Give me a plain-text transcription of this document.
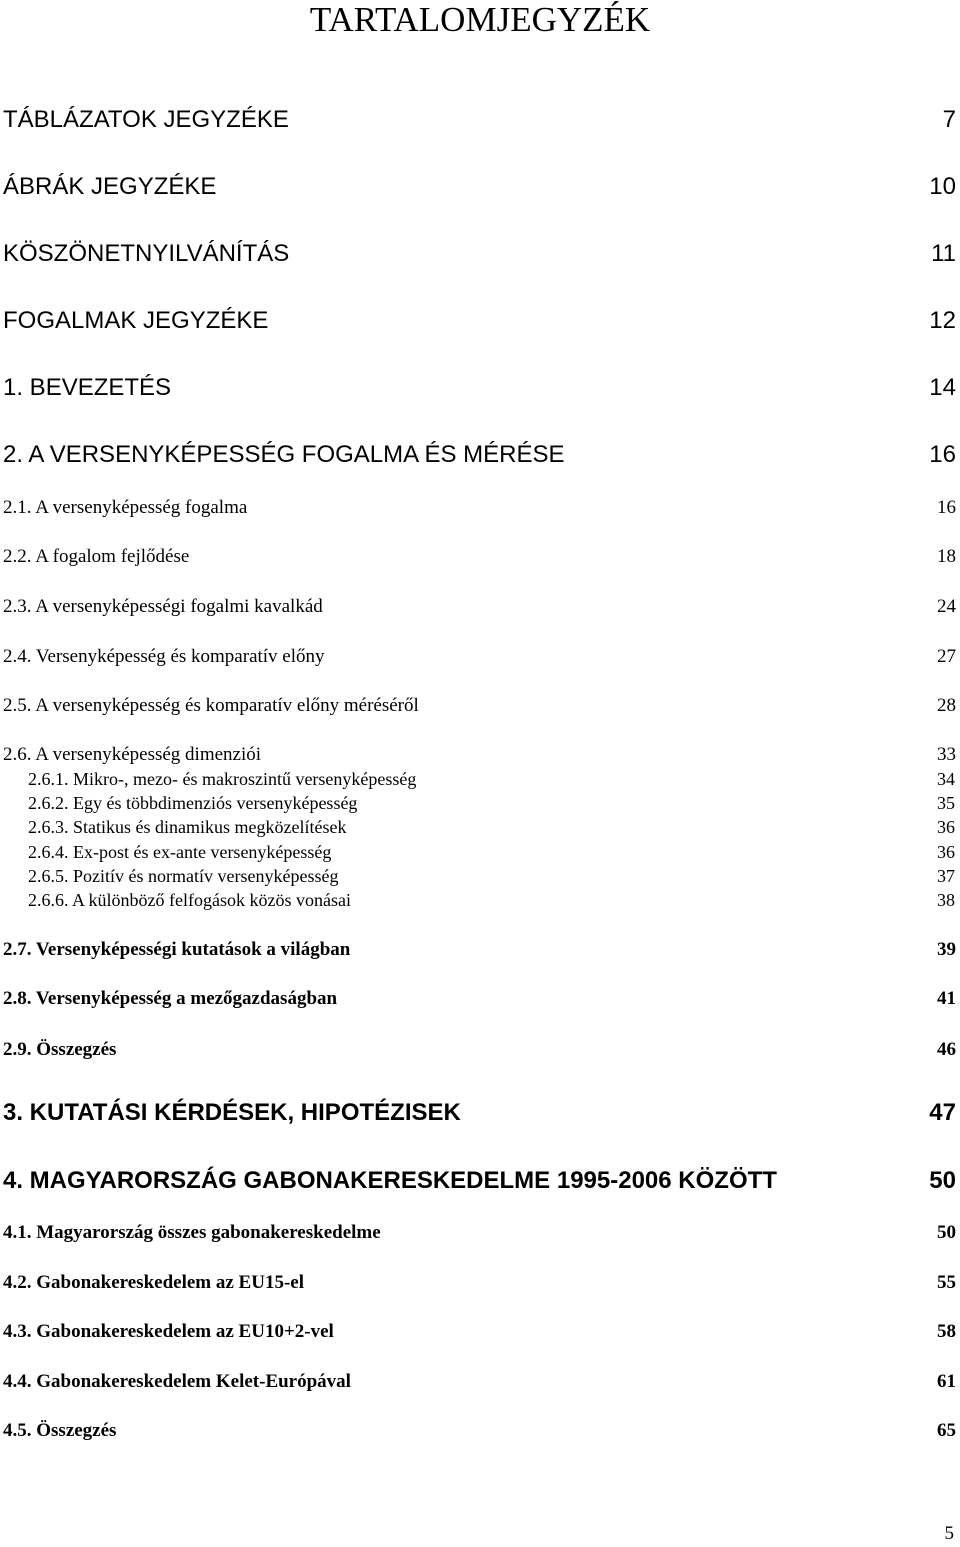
TARTALOMJEGYZÉK
TÁBLÁZATOK JEGYZÉKE	7
ÁBRÁK JEGYZÉKE	10
KÖSZÖNETNYILVÁNÍTÁS	11
FOGALMAK JEGYZÉKE	12
1. BEVEZETÉS	14
2. A VERSENYKÉPESSÉG FOGALMA ÉS MÉRÉSE	16
2.1. A versenyképesség fogalma	16
2.2. A fogalom fejlődése	18
2.3. A versenyképességi fogalmi kavalkád	24
2.4. Versenyképesség és komparatív előny	27
2.5. A versenyképesség és komparatív előny méréséről	28
2.6. A versenyképesség dimenziói	33
2.6.1. Mikro-, mezo- és makroszintű versenyképesség	34
2.6.2. Egy és többdimenziós versenyképesség	35
2.6.3. Statikus és dinamikus megközelítések	36
2.6.4. Ex-post és ex-ante versenyképesség	36
2.6.5. Pozitív és normatív versenyképesség	37
2.6.6. A különböző felfogások közös vonásai	38
2.7. Versenyképességi kutatások a világban	39
2.8. Versenyképesség a mezőgazdaságban	41
2.9. Összegzés	46
3. KUTATÁSI KÉRDÉSEK, HIPOTÉZISEK	47
4. MAGYARORSZÁG GABONAKERESKEDELME 1995-2006 KÖZÖTT	50
4.1. Magyarország összes gabonakereskedelme	50
4.2. Gabonakereskedelem az EU15-el	55
4.3. Gabonakereskedelem az EU10+2-vel	58
4.4. Gabonakereskedelem Kelet-Európával	61
4.5. Összegzés	65
5
